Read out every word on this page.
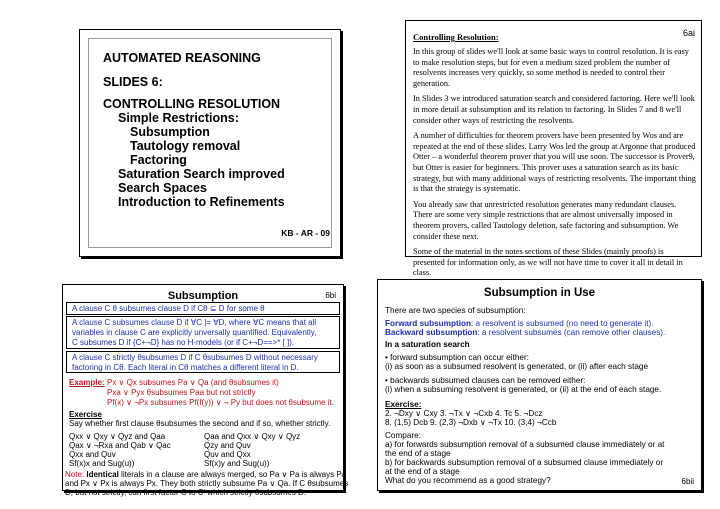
AUTOMATED REASONING
SLIDES 6:
CONTROLLING RESOLUTION
Simple Restrictions:
Subsumption
Tautology removal
Factoring
Saturation Search improved
Search Spaces
Introduction to Refinements
KB - AR - 09
6ai
Controlling Resolution:

In this group of slides we'll look at some basic ways to control resolution. It is easy to make resolution steps, but for even a medium sized problem the number of resolvents increases very quickly, so some method is needed to control their generation.

In Slides 3 we introduced saturation search and considered factoring. Here we'll look in more detail at subsumption and its relation to factoring. In Slides 7 and 8 we'll consider other ways of restricting the resolvents.

A number of difficulties for theorem provers have been presented by Wos and are repeated at the end of these slides. Larry Wos led the group at Argonne that produced Otter – a wonderful theorem prover that you will use soon. The successor is Prover9, but Otter is easier for beginners. This prover uses a saturation search as its basic strategy, but with many additional ways of restricting resolvents. The important thing is that the strategy is systematic.

You already saw that unrestricted resolution generates many redundant clauses. There are some very simple restrictions that are almost universally imposed in theorem provers, called Tautology deletion, safe factoring and subsumption. We consider these next.

Some of the material in the notes sections of these Slides (mainly proofs) is presented for information only, as we will not have time to cover it all in detail in class.

Subsumption	6bi
A clause C θ subsumes clause D if Cθ ⊆ D for some θ
A clause C subsumes clause D if ∀C |= ∀D, where ∀C means that all
variables in clause C are explicitly unversally quantified. Equivalently,
C subsumes D if {C+¬D} has no H-models (or if C+¬D==>* [ ]).
A clause C strictly θsubsumes D if C θsubsumes D without necessary
factoring in Cθ. Each literal in Cθ matches a different literal in D.
Example: Px ∨ Qx subsumes Pa ∨ Qa (and θsubsumes it)
Pxa ∨ Pyx θsubsumes Paa but not strictly
Pf(x) ∨ ¬Px subsumes Pf(f(y)) ∨ ¬ Py but does not θsubsume it.
Exercise
Say whether first clause θsubsumes the second and if so, whether strictly.
Qxx ∨ Qxy ∨ Qyz and Qaa	Qaa and Qxx ∨ Qxy ∨ Qyz
Qax ∨ ¬Rxa and Qab ∨ Qac	Qzy and Quv
Qxx and Quv	Quv and Qxx
Sf(x)x and Sug(u))	Sf(x)y and Sug(u))
Note: Identical literals in a clause are always merged, so Pa ∨ Pa is always Pa
and Px ∨ Px is always Px. They both strictly subsume Pa ∨ Qa. If C θsubsumes
D, but not strictly, can first factor C to C' which strictly θsubsumes D.
Subsumption in Use
There are two species of subsumption:
Forward subsumption: a resolvent is subsumed (no need to generate it).
Backward subsumption: a resolvent subsumes (can remove other clauses).
In a saturation search
• forward subsumption can occur either:
(i) as soon as a subsumed resolvent is generated, or (ii) after each stage
• backwards subsumed clauses can be removed either:
(i) when a subsuming resolvent is generated, or (ii) at the end of each stage.
Exercise:
2. ¬Dxy ∨ Cxy 3. ¬Tx ∨ ¬Cxb 4. Tc 5. ¬Dcz
8. (1,5) Dcb 9. (2,3) ¬Dxb ∨ ¬Tx 10. (3,4) ¬Ccb
Compare:
a) for forwards subsumption removal of a subsumed clause immediately or at
the end of a stage
b) for backwards subsumption removal of a subsumed clause immediately or
at the end of a stage
What do you recommend as a good strategy?	6bii
